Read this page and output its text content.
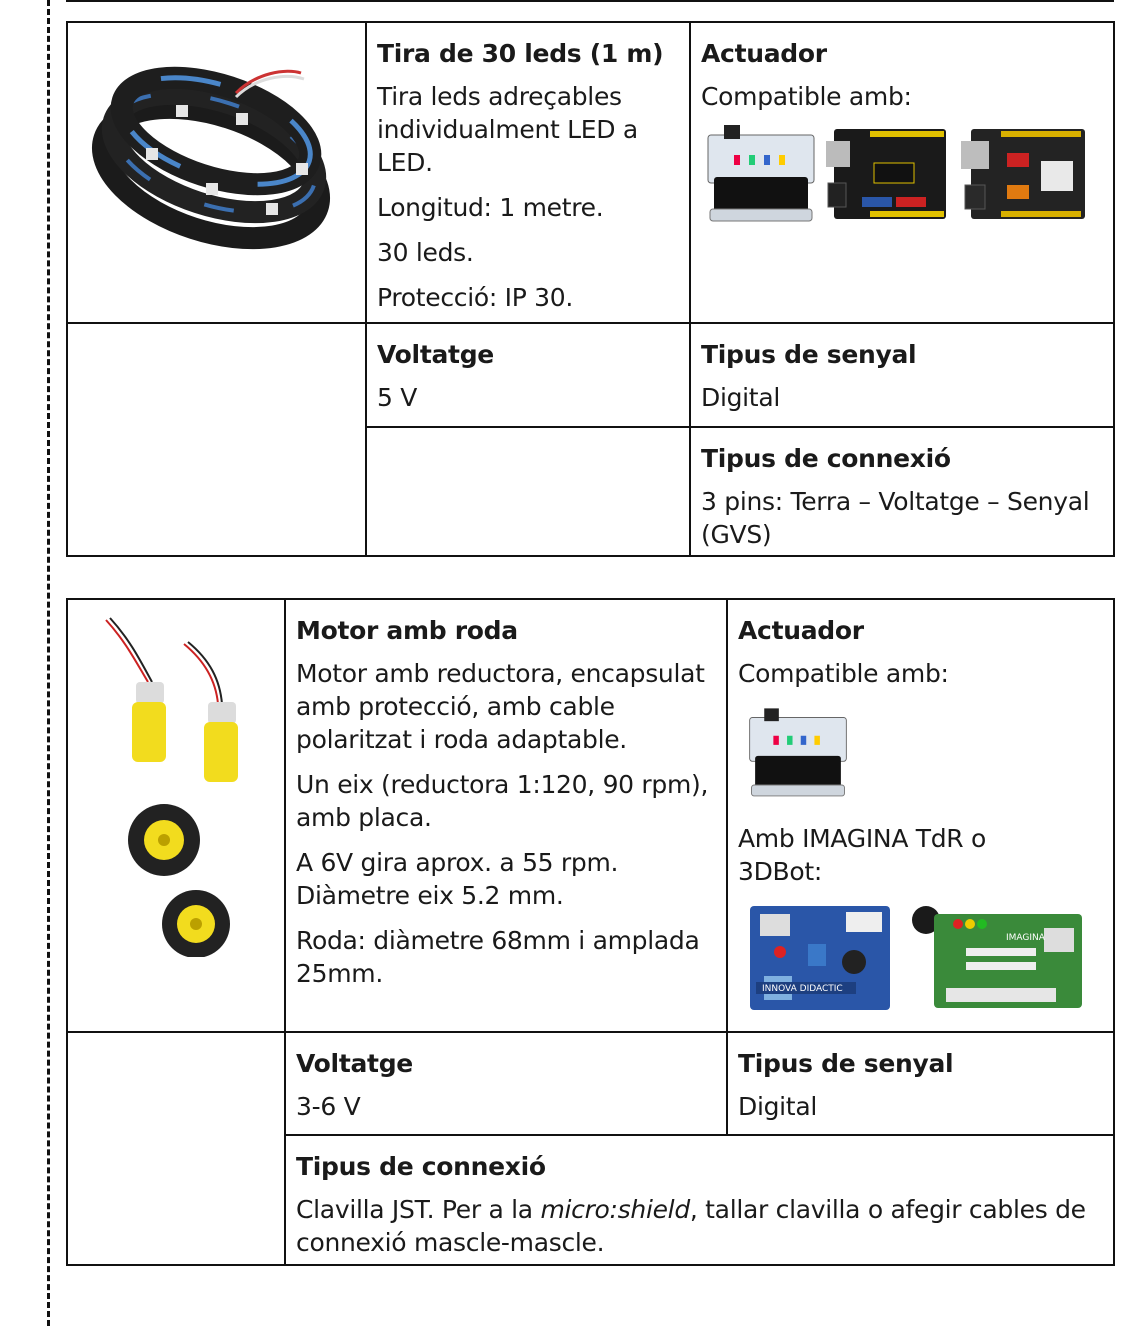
Tira de 30 leds (1 m)

Tira leds adreçables individualment LED a LED.

Longitud: 1 metre.

30 leds.

Protecció: IP 30.

Actuador

Compatible amb:

Voltatge

5 V

Tipus de senyal

Digital

Tipus de connexió

3 pins: Terra – Voltatge – Senyal (GVS)

Motor amb roda

Motor amb reductora, encapsulat amb protecció, amb cable polaritzat i roda adaptable.

Un eix (reductora 1:120, 90 rpm), amb placa.

A 6V gira aprox. a 55 rpm. Diàmetre eix 5.2 mm.

Roda: diàmetre 68mm i amplada 25mm.

Actuador

Compatible amb:

Amb IMAGINA TdR o 3DBot:

INNOVA DIDACTIC
IMAGINA

Voltatge

3-6 V

Tipus de senyal

Digital

Tipus de connexió

Clavilla JST. Per a la micro:shield, tallar clavilla o afegir cables de connexió mascle-mascle.
